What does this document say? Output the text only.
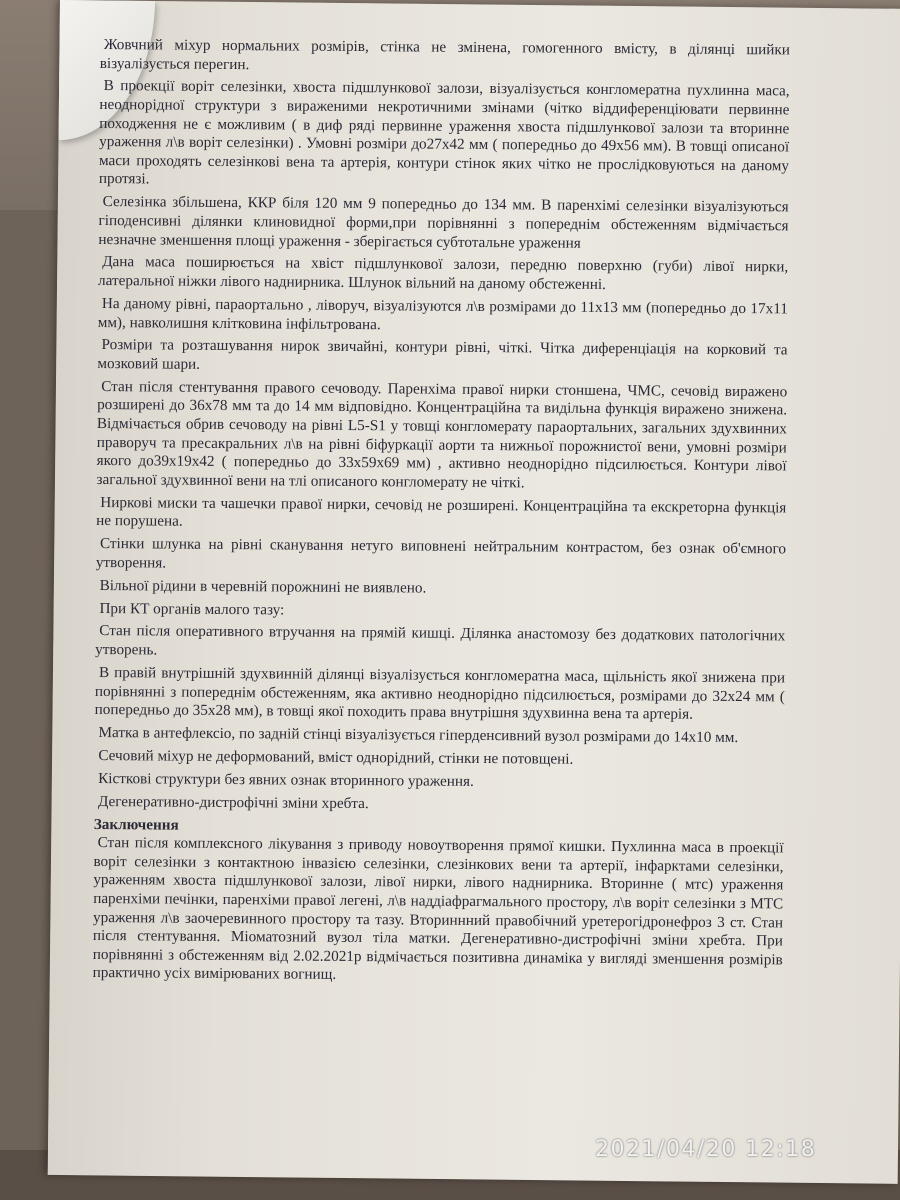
Жовчний міхур нормальних розмірів, стінка не змінена, гомогенного вмісту, в ділянці шийки візуалізується перегин.

В проекції воріт селезінки, хвоста підшлункової залози, візуалізується конгломератна пухлинна маса, неоднорідної структури з вираженими некротичними змінами (чітко віддиференціювати первинне походження не є можливим ( в диф ряді первинне ураження хвоста підшлункової залози та вторинне ураження л\в воріт селезінки) . Умовні розміри до27x42 мм ( попередньо до 49x56 мм). В товщі описаної маси проходять селезінкові вена та артерія, контури стінок яких чітко не прослідковуються на даному протязі.

Селезінка збільшена, ККР біля 120 мм 9 попередньо до 134 мм. В паренхімі селезінки візуалізуються гіподенсивні ділянки клиновидної форми,при порівнянні з попереднім обстеженням відмічається незначне зменшення площі ураження - зберігається субтотальне ураження

Дана маса поширюється на хвіст підшлункової залози, передню поверхню (губи) лівої нирки, латеральної ніжки лівого наднирника. Шлунок вільний на даному обстеженні.

На даному рівні, параортально , ліворуч, візуалізуютcя л\в розмірами до 11x13 мм (попередньо до 17x11 мм), навколишня клітковина інфільтрована.

Розміри та розташування нирок звичайні, контури рівні, чіткі. Чітка диференціація на корковий та мозковий шари.

Стан після стентування правого сечоводу. Паренхіма правої нирки стоншена, ЧМС, сечовід виражено розширені до 36x78 мм та до 14 мм відповідно. Концентраційна та видільна функція виражено знижена. Відмічається обрив сечоводу на рівні L5-S1 у товщі конгломерату параортальних, загальних здухвинних праворуч та пресакральних л\в на рівні біфуркації аорти та нижньої порожнистої вени, умовні розміри якого до39x19x42 ( попередньо до 33x59x69 мм) , активно неоднорідно підсилюється. Контури лівої загальної здухвинної вени на тлі описаного конгломерату не чіткі.

Ниркові миски та чашечки правої нирки, сечовід не розширені. Концентраційна та екскреторна функція не порушена.

Стінки шлунка на рівні сканування нетуго виповнені нейтральним контрастом, без ознак об'ємного утворення.

Вільної рідини в черевній порожнині не виявлено.

При КТ органів малого тазу:

Стан після оперативного втручання на прямій кишці. Ділянка анастомозу без додаткових патологічних утворень.

В правій внутрішній здухвинній ділянці візуалізується конгломератна маса, щільність якої знижена при порівнянні з попереднім обстеженням, яка активно неоднорідно підсилюється, розмірами до 32x24 мм ( попередньо до 35x28 мм), в товщі якої походить права внутрішня здухвинна вена та артерія.

Матка в антефлексіо, по задній стінці візуалізується гіперденсивний вузол розмірами до 14x10 мм.

Сечовий міхур не деформований, вміст однорідний, стінки не потовщені.

Кісткові структури без явних ознак вторинного ураження.

Дегенеративно-дистрофічні зміни хребта.

Заключення

Стан після комплексного лікування з приводу новоутворення прямої кишки. Пухлинна маса в проекції воріт селезінки з контактною інвазією селезінки, слезінкових вени та артерії, інфарктами селезінки, ураженням хвоста підшлункової залози, лівої нирки, лівого наднирника. Вторинне ( мтс) ураження паренхіми печінки, паренхіми правої легені, л\в наддіафрагмального простору, л\в воріт селезінки з МТС ураження л\в заочеревинного простору та тазу. Вториннний правобічний уретерогідронефроз 3 ст. Стан після стентування. Міоматозний вузол тіла матки. Дегенеративно-дистрофічні зміни хребта. При порівнянні з обстеженням від 2.02.2021р відмічається позитивна динаміка у вигляді зменшення розмірів практично усіх вимірюваних вогнищ.

2021/04/20 12:18
